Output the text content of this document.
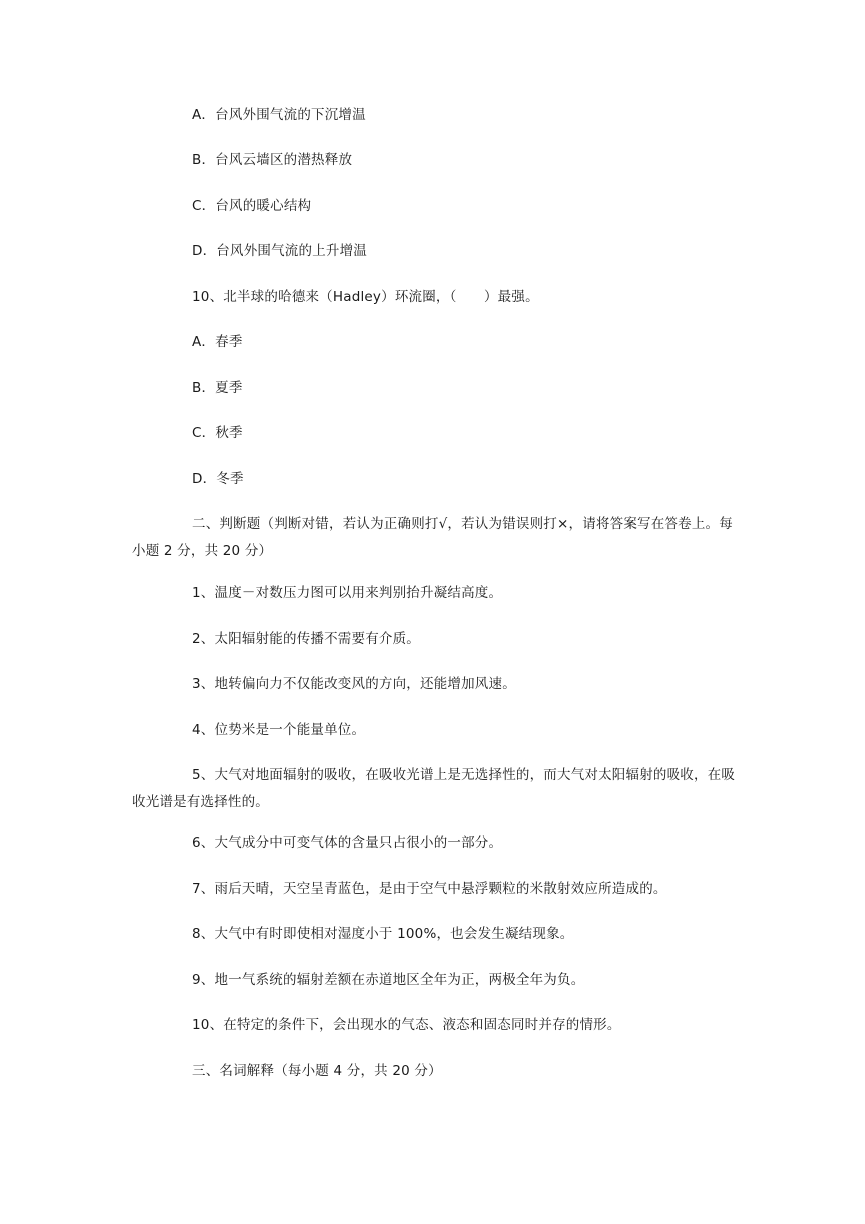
A．台风外围气流的下沉增温

B．台风云墙区的潜热释放

C．台风的暖心结构

D．台风外围气流的上升增温

10、北半球的哈德来（Hadley）环流圈，（　　）最强。

A．春季

B．夏季

C．秋季

D．冬季

二、判断题（判断对错，若认为正确则打√，若认为错误则打×，请将答案写在答卷上。每小题 2 分，共 20 分）

1、温度－对数压力图可以用来判别抬升凝结高度。

2、太阳辐射能的传播不需要有介质。

3、地转偏向力不仅能改变风的方向，还能增加风速。

4、位势米是一个能量单位。

5、大气对地面辐射的吸收，在吸收光谱上是无选择性的，而大气对太阳辐射的吸收，在吸收光谱是有选择性的。

6、大气成分中可变气体的含量只占很小的一部分。

7、雨后天晴，天空呈青蓝色，是由于空气中悬浮颗粒的米散射效应所造成的。

8、大气中有时即使相对湿度小于 100%，也会发生凝结现象。

9、地一气系统的辐射差额在赤道地区全年为正，两极全年为负。

10、在特定的条件下，会出现水的气态、液态和固态同时并存的情形。

三、名词解释（每小题 4 分，共 20 分）
